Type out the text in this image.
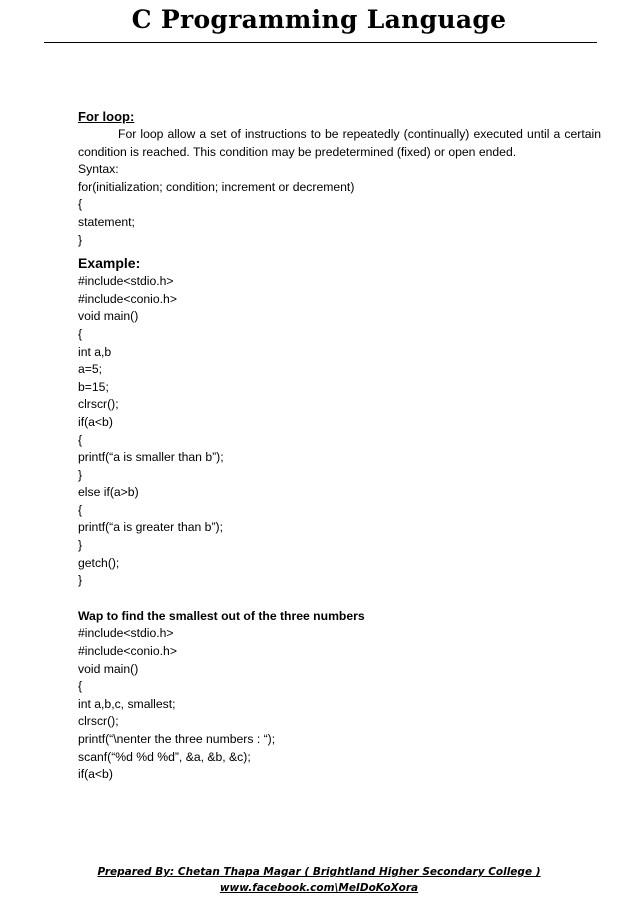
C Programming Language
For loop:
For loop allow a set of instructions to be repeatedly (continually) executed until a certain condition is reached. This condition may be predetermined (fixed) or open ended.
Syntax:
for(initialization; condition; increment or decrement)
{
statement;
}
Example:
#include<stdio.h>
#include<conio.h>
void main()
{
int a,b
a=5;
b=15;
clrscr();
if(a<b)
{
printf(“a is smaller than b”);
}
else if(a>b)
{
printf(“a is greater than b”);
}
getch();
}
Wap to find the smallest out of the three numbers
#include<stdio.h>
#include<conio.h>
void main()
{
int a,b,c, smallest;
clrscr();
printf(“\nenter the three numbers : “);
scanf(“%d %d %d”, &a, &b, &c);
if(a<b)
Prepared By: Chetan Thapa Magar ( Brightland Higher Secondary College )
www.facebook.com\MeIDoKoXora
